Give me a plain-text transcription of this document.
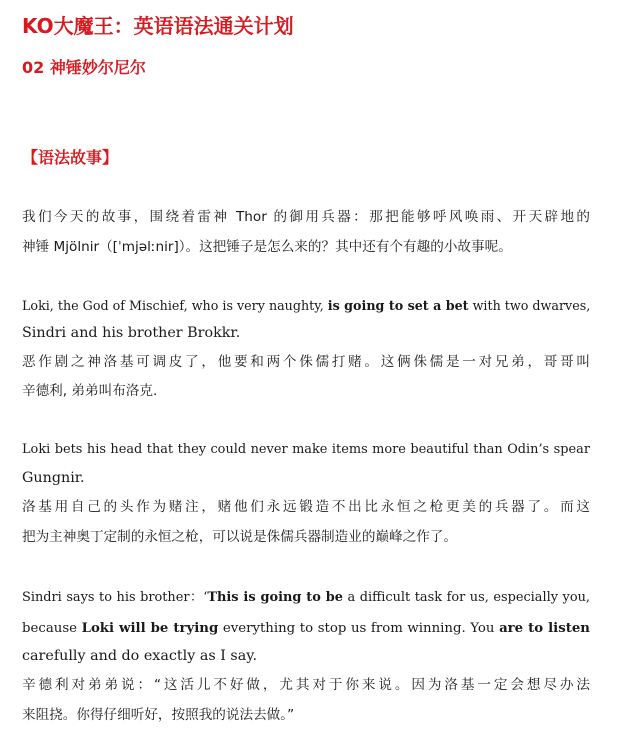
KO大魔王：英语语法通关计划
02 神锤妙尔尼尔
【语法故事】
我们今天的故事，围绕着雷神 Thor 的御用兵器：那把能够呼风唤雨、开天辟地的
神锤 Mjölnir（[ˈmjəlːnir]）。这把锤子是怎么来的？其中还有个有趣的小故事呢。
Loki, the God of Mischief, who is very naughty, is going to set a bet with two dwarves,
Sindri and his brother Brokkr.
恶作剧之神洛基可调皮了，他要和两个侏儒打赌。这俩侏儒是一对兄弟，哥哥叫
辛德利, 弟弟叫布洛克.
Loki bets his head that they could never make items more beautiful than Odin’s spear
Gungnir.
洛基用自己的头作为赌注，赌他们永远锻造不出比永恒之枪更美的兵器了。而这
把为主神奥丁定制的永恒之枪，可以说是侏儒兵器制造业的巅峰之作了。
Sindri says to his brother：‘This is going to be a difficult task for us, especially you,
because Loki will be trying everything to stop us from winning. You are to listen
carefully and do exactly as I say.
辛德利对弟弟说：“这活儿不好做，尤其对于你来说。因为洛基一定会想尽办法
来阻挠。你得仔细听好，按照我的说法去做。”
